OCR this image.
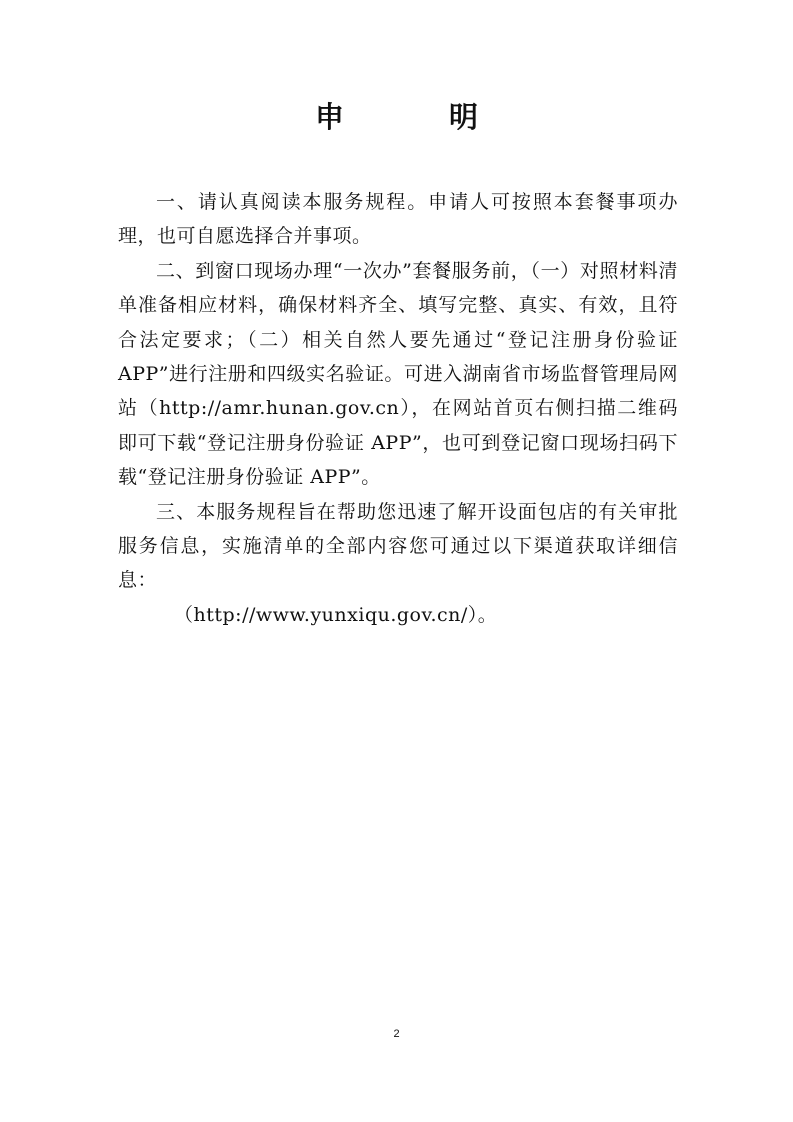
申　明

一、请认真阅读本服务规程。申请人可按照本套餐事项办理，也可自愿选择合并事项。

二、到窗口现场办理“一次办”套餐服务前，（一）对照材料清单准备相应材料，确保材料齐全、填写完整、真实、有效，且符合法定要求；（二）相关自然人要先通过“登记注册身份验证 APP”进行注册和四级实名验证。可进入湖南省市场监督管理局网站（http://amr.hunan.gov.cn），在网站首页右侧扫描二维码即可下载“登记注册身份验证 APP”，也可到登记窗口现场扫码下载“登记注册身份验证 APP”。

三、本服务规程旨在帮助您迅速了解开设面包店的有关审批服务信息，实施清单的全部内容您可通过以下渠道获取详细信息：

（http://www.yunxiqu.gov.cn/）。

2
